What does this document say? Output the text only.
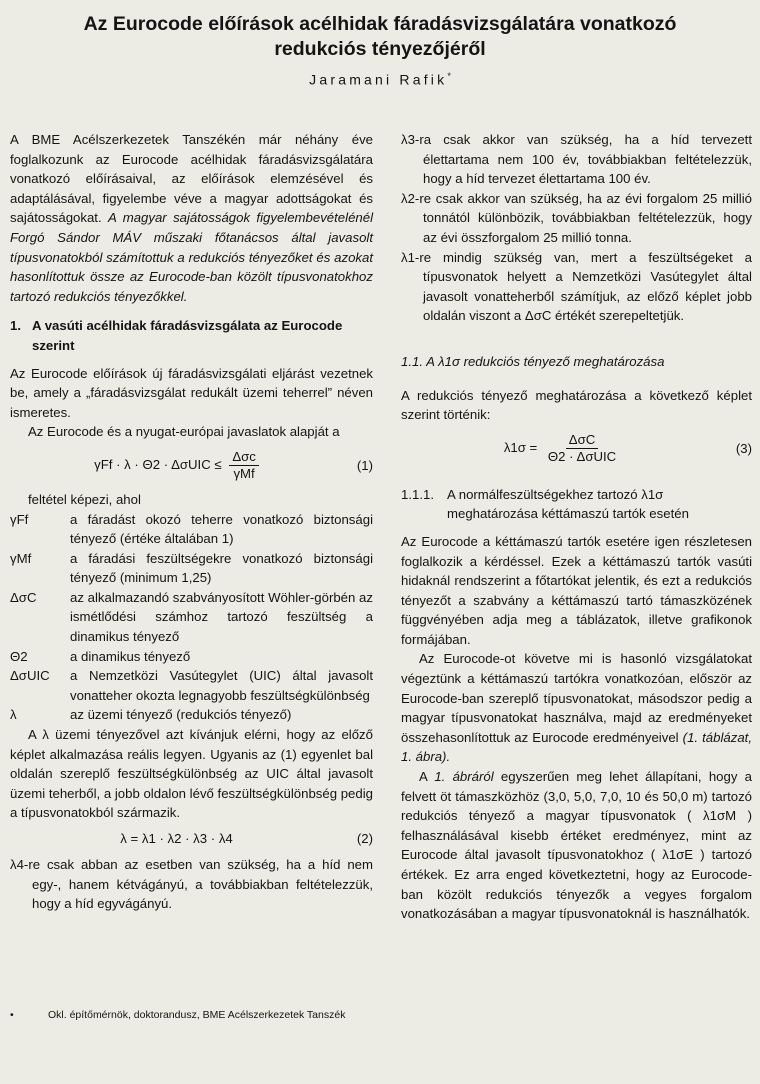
Az Eurocode előírások acélhidak fáradásvizsgálatára vonatkozó redukciós tényezőjéről
Jaramani Rafik*

A BME Acélszerkezetek Tanszékén már néhány éve foglalkozunk az Eurocode acélhidak fáradásvizsgálatára vonatkozó előírásaival, az előírások elemzésével és adaptálásával, figyelembe véve a magyar adottságokat és sajátosságokat. A magyar sajátosságok figyelembevételénél Forgó Sándor MÁV műszaki főtanácsos által javasolt típusvonatokból számítottuk a redukciós tényezőket és azokat hasonlítottuk össze az Eurocode-ban közölt típusvonatokhoz tartozó redukciós tényezőkkel.

1. A vasúti acélhidak fáradásvizsgálata az Eurocode szerint

Az Eurocode előírások új fáradásvizsgálati eljárást vezetnek be, amely a „fáradásvizsgálat redukált üzemi teherrel” néven ismeretes.

Az Eurocode és a nyugat-európai javaslatok alapját a

$\gamma Ff \cdot \lambda \cdot \Theta 2 \cdot \Delta\sigma UIC \le \frac{\text{Δσc}}{\text{γMf}}$	(1)

feltétel képezi, ahol

γFf	a fáradást okozó teherre vonatkozó biztonsági tényező (értéke általában 1)
γMf	a fáradási feszültségekre vonatkozó biztonsági tényező (minimum 1,25)
ΔσC	az alkalmazandó szabványosított Wöhler-görbén az ismétlődési számhoz tartozó feszültség a dinamikus tényező
Θ2	a dinamikus tényező
ΔσUIC	a Nemzetközi Vasútegylet (UIC) által javasolt vonatteher okozta legnagyobb feszültségkülönbség
λ	az üzemi tényező (redukciós tényező)

A λ üzemi tényezővel azt kívánjuk elérni, hogy az előző képlet alkalmazása reális legyen. Ugyanis az (1) egyenlet bal oldalán szereplő feszültségkülönbség az UIC által javasolt üzemi teherből, a jobb oldalon lévő feszültségkülönbség pedig a típusvonatokból származik.

λ = λ1 · λ2 · λ3 · λ4	(2)

λ4-re csak abban az esetben van szükség, ha a híd nem egy-, hanem kétvágányú, a továbbiakban feltételezzük, hogy a híd egyvágányú.

λ3-ra csak akkor van szükség, ha a híd tervezett élettartama nem 100 év, továbbiakban feltételezzük, hogy a híd tervezet élettartama 100 év.

λ2-re csak akkor van szükség, ha az évi forgalom 25 millió tonnától különbözik, továbbiakban feltételezzük, hogy az évi összforgalom 25 millió tonna.

λ1-re mindig szükség van, mert a feszültségeket a típusvonatok helyett a Nemzetközi Vasútegylet által javasolt vonatteherből számítjuk, az előző képlet jobb oldalán viszont a ΔσC értékét szerepeltetjük.

1.1. A λ1σ redukciós tényező meghatározása

A redukciós tényező meghatározása a következő képlet szerint történik:

$\lambda 1\sigma = \frac{\text{ΔσC}}{\text{Θ2 · ΔσUIC}}$	(3)
1.1.1. A normálfeszültségekhez tartozó λ1σ meghatározása kéttámaszú tartók esetén

Az Eurocode a kéttámaszú tartók esetére igen részletesen foglalkozik a kérdéssel. Ezek a kéttámaszú tartók vasúti hidaknál rendszerint a főtartókat jelentik, és ezt a redukciós tényezőt a szabvány a kéttámaszú tartó támaszközének függvényében adja meg a táblázatok, illetve grafikonok formájában.

Az Eurocode-ot követve mi is hasonló vizsgálatokat végeztünk a kéttámaszú tartókra vonatkozóan, először az Eurocode-ban szereplő típusvonatokat, másodszor pedig a magyar típusvonatokat használva, majd az eredményeket összehasonlítottuk az Eurocode eredményeivel (1. táblázat, 1. ábra).

A 1. ábráról egyszerűen meg lehet állapítani, hogy a felvett öt támaszközhöz (3,0, 5,0, 7,0, 10 és 50,0 m) tartozó redukciós tényező a magyar típusvonatok ( λ1σM ) felhasználásával kisebb értéket eredményez, mint az Eurocode által javasolt típusvonatokhoz ( λ1σE ) tartozó értékek. Ez arra enged következtetni, hogy az Eurocode-ban közölt redukciós tényezők a vegyes forgalom vonatkozásában a magyar típusvonatoknál is használhatók.

•	Okl. építőmérnök, doktorandusz, BME Acélszerkezetek Tanszék
